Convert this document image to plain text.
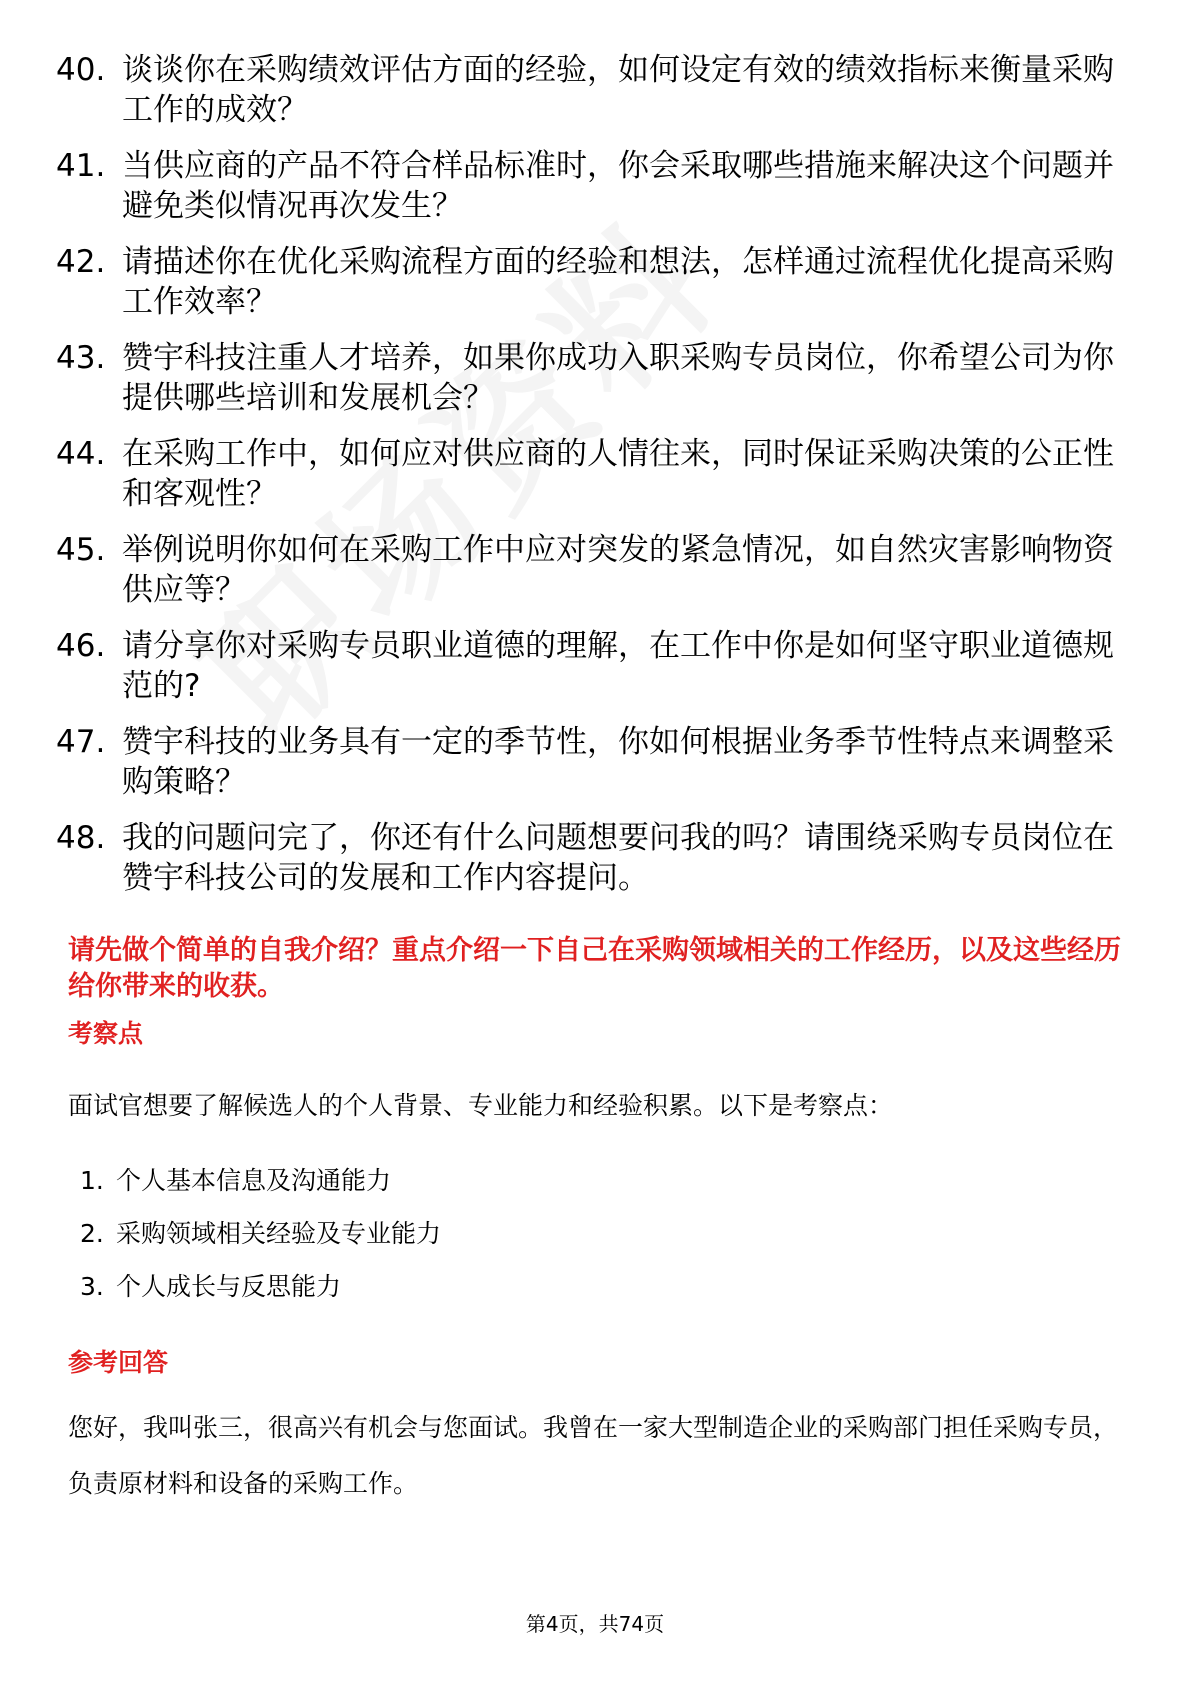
40. 谈谈你在采购绩效评估方面的经验，如何设定有效的绩效指标来衡量采购工作的成效？
41. 当供应商的产品不符合样品标准时，你会采取哪些措施来解决这个问题并避免类似情况再次发生？
42. 请描述你在优化采购流程方面的经验和想法，怎样通过流程优化提高采购工作效率？
43. 赞宇科技注重人才培养，如果你成功入职采购专员岗位，你希望公司为你提供哪些培训和发展机会？
44. 在采购工作中，如何应对供应商的人情往来，同时保证采购决策的公正性和客观性？
45. 举例说明你如何在采购工作中应对突发的紧急情况，如自然灾害影响物资供应等？
46. 请分享你对采购专员职业道德的理解，在工作中你是如何坚守职业道德规范的?
47. 赞宇科技的业务具有一定的季节性，你如何根据业务季节性特点来调整采购策略？
48. 我的问题问完了，你还有什么问题想要问我的吗？请围绕采购专员岗位在赞宇科技公司的发展和工作内容提问。
请先做个简单的自我介绍？重点介绍一下自己在采购领域相关的工作经历，以及这些经历给你带来的收获。
考察点
面试官想要了解候选人的个人背景、专业能力和经验积累。以下是考察点：
1. 个人基本信息及沟通能力
2. 采购领域相关经验及专业能力
3. 个人成长与反思能力
参考回答
您好，我叫张三，很高兴有机会与您面试。我曾在一家大型制造企业的采购部门担任采购专员，负责原材料和设备的采购工作。
第4页，共74页
